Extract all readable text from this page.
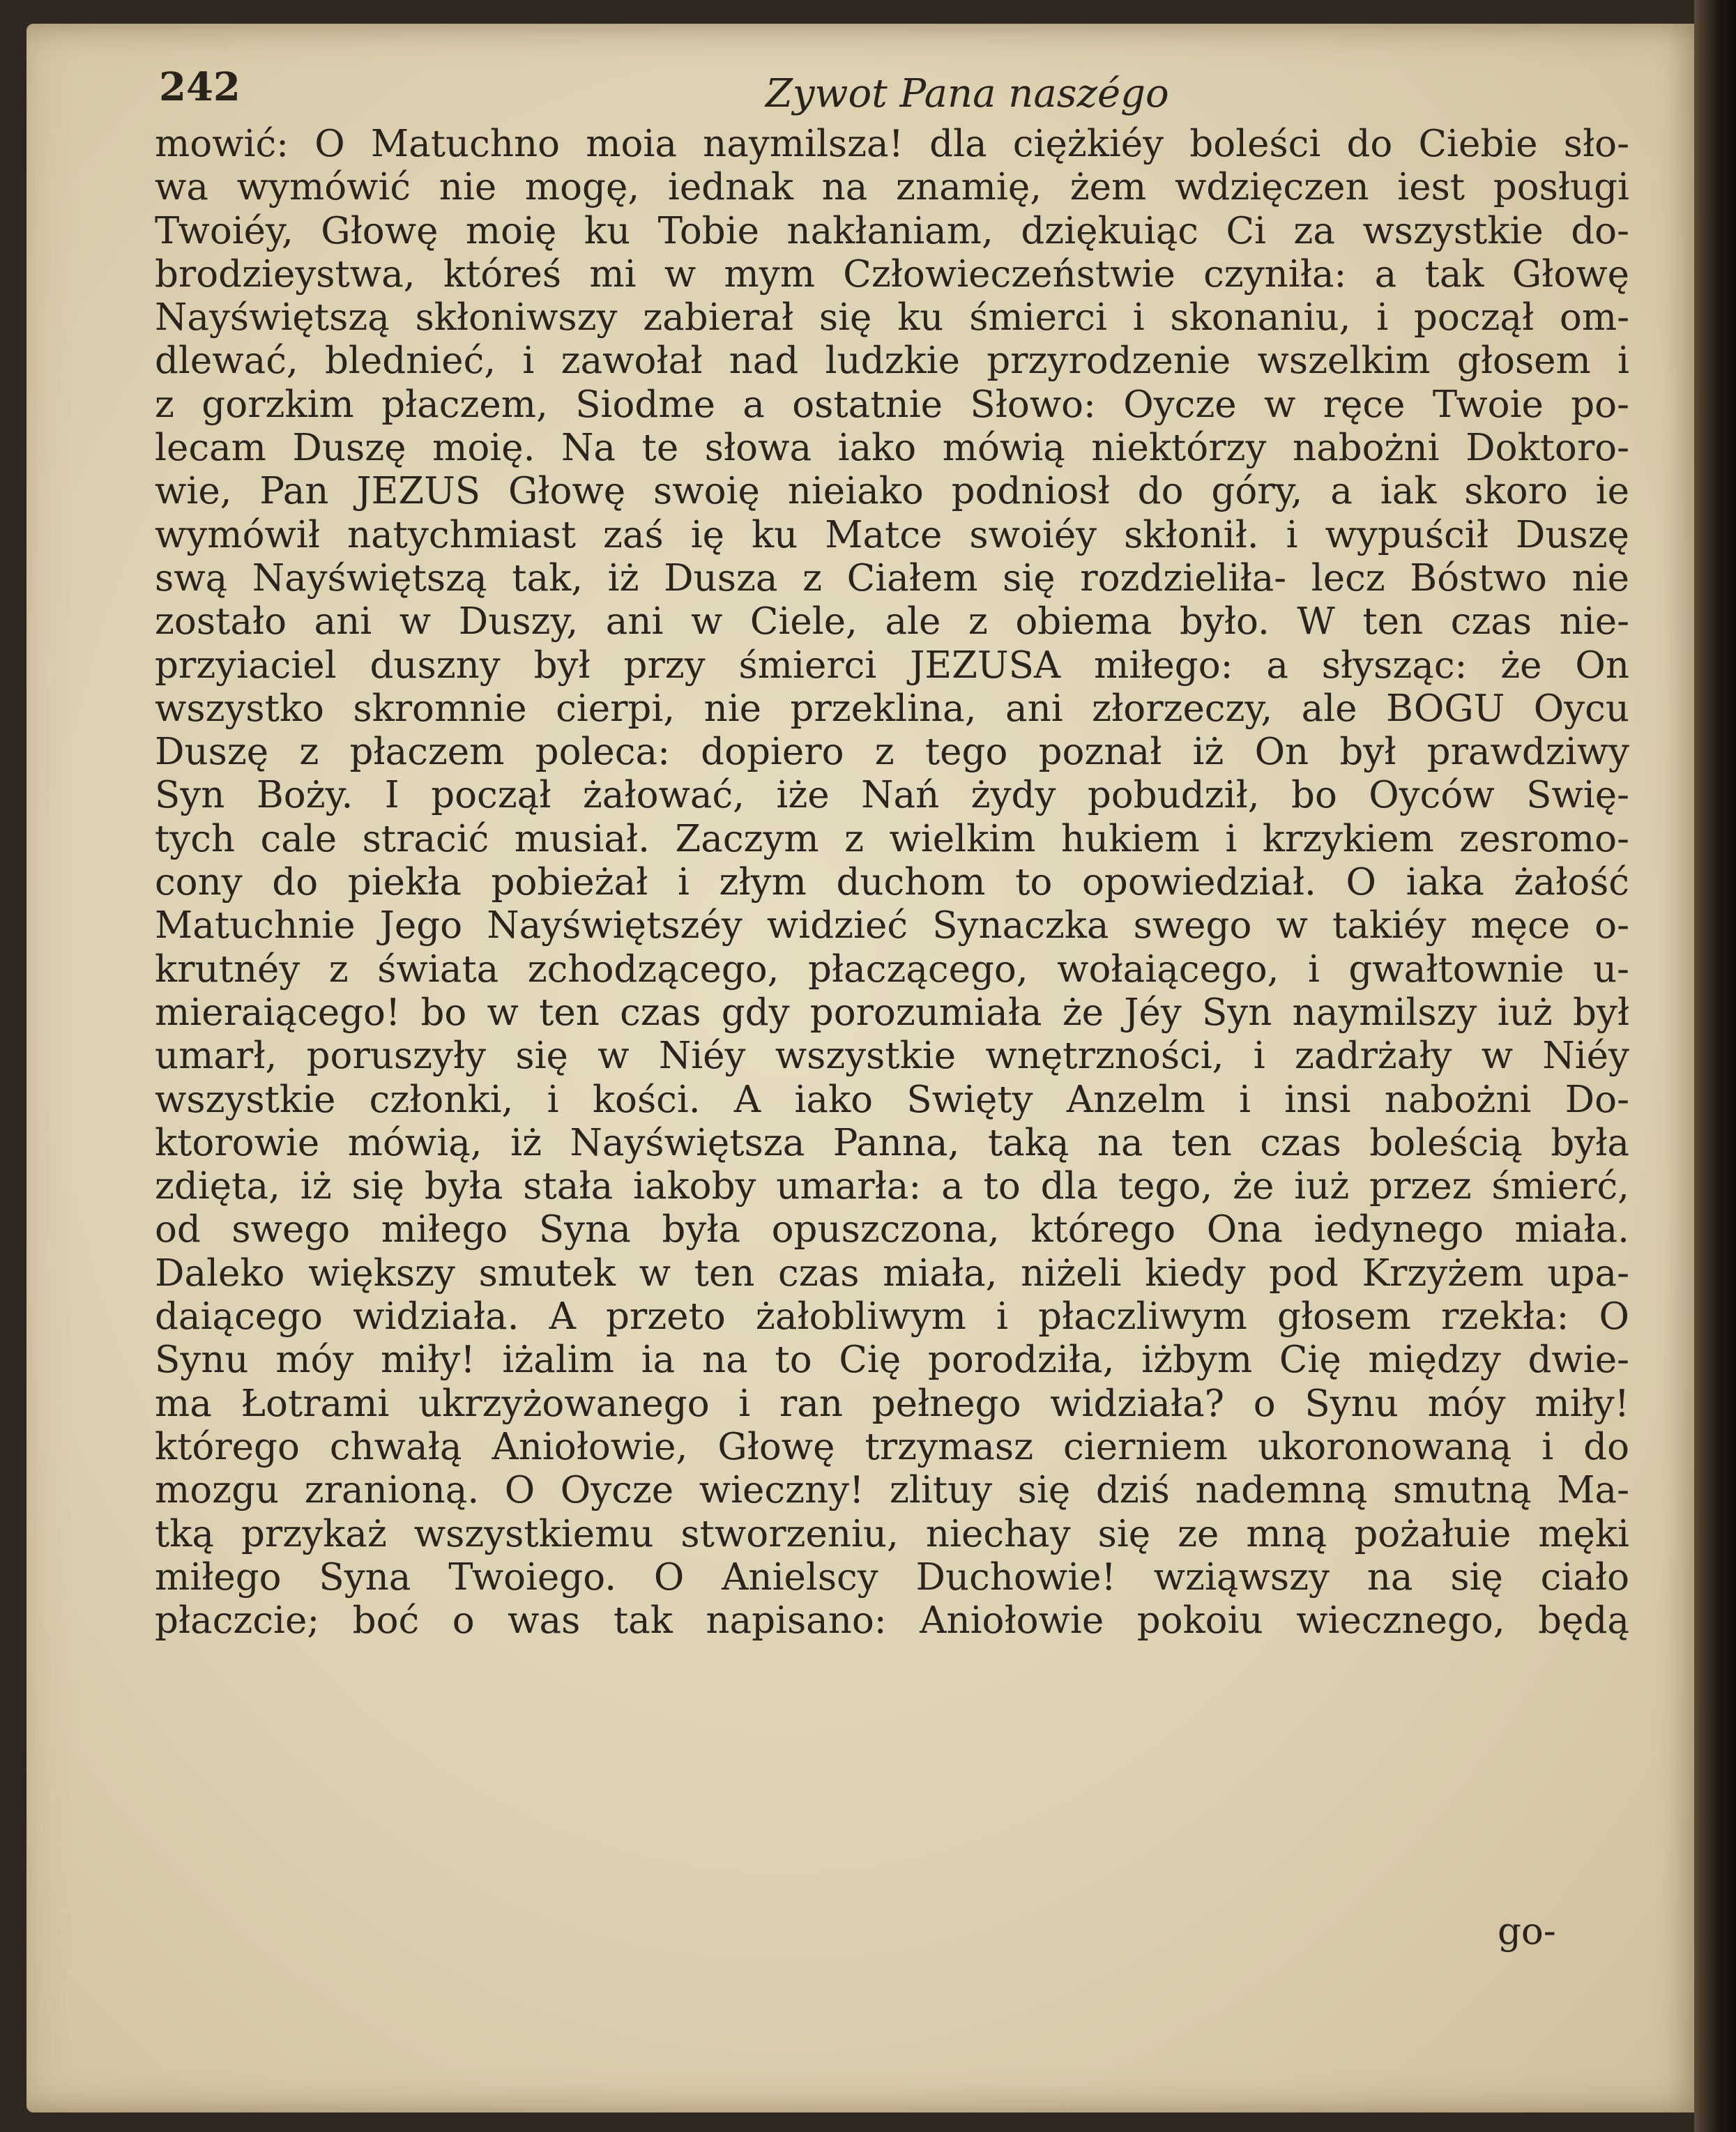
242	Zywot Pana naszégo
mowić: O Matuchno moia naymilsza! dla ciężkiéy boleści do Ciebie sło-
wa wymówić nie mogę, iednak na znamię, żem wdzięczen iest posługi
Twoiéy, Głowę moię ku Tobie nakłaniam, dziękuiąc Ci za wszystkie do-
brodzieystwa, któreś mi w mym Człowieczeństwie czyniła: a tak Głowę
Nayświętszą skłoniwszy zabierał się ku śmierci i skonaniu, i począł om-
dlewać, blednieć, i zawołał nad ludzkie przyrodzenie wszelkim głosem i
z gorzkim płaczem, Siodme a ostatnie Słowo: Oycze w ręce Twoie po-
lecam Duszę moię. Na te słowa iako mówią niektórzy nabożni Doktoro-
wie, Pan JEZUS Głowę swoię nieiako podniosł do góry, a iak skoro ie
wymówił natychmiast zaś ię ku Matce swoiéy skłonił. i wypuścił Duszę
swą Nayświętszą tak, iż Dusza z Ciałem się rozdzieliła- lecz Bóstwo nie
zostało ani w Duszy, ani w Ciele, ale z obiema było. W ten czas nie-
przyiaciel duszny był przy śmierci JEZUSA miłego: a słysząc: że On
wszystko skromnie cierpi, nie przeklina, ani złorzeczy, ale BOGU Oycu
Duszę z płaczem poleca: dopiero z tego poznał iż On był prawdziwy
Syn Boży. I począł żałować, iże Nań żydy pobudził, bo Oyców Swię-
tych cale stracić musiał. Zaczym z wielkim hukiem i krzykiem zesromo-
cony do piekła pobieżał i złym duchom to opowiedział. O iaka żałość
Matuchnie Jego Nayświętszéy widzieć Synaczka swego w takiéy męce o-
krutnéy z świata zchodzącego, płaczącego, wołaiącego, i gwałtownie u-
mieraiącego! bo w ten czas gdy porozumiała że Jéy Syn naymilszy iuż był
umarł, poruszyły się w Niéy wszystkie wnętrzności, i zadrżały w Niéy
wszystkie członki, i kości. A iako Swięty Anzelm i insi nabożni Do-
ktorowie mówią, iż Nayświętsza Panna, taką na ten czas boleścią była
zdięta, iż się była stała iakoby umarła: a to dla tego, że iuż przez śmierć,
od swego miłego Syna była opuszczona, którego Ona iedynego miała.
Daleko większy smutek w ten czas miała, niżeli kiedy pod Krzyżem upa-
daiącego widziała. A przeto żałobliwym i płaczliwym głosem rzekła: O
Synu móy miły! iżalim ia na to Cię porodziła, iżbym Cię między dwie-
ma Łotrami ukrzyżowanego i ran pełnego widziała? o Synu móy miły!
którego chwałą Aniołowie, Głowę trzymasz cierniem ukoronowaną i do
mozgu zranioną. O Oycze wieczny! zlituy się dziś nademną smutną Ma-
tką przykaż wszystkiemu stworzeniu, niechay się ze mną pożałuie męki
miłego Syna Twoiego. O Anielscy Duchowie! wziąwszy na się ciało
płaczcie; boć o was tak napisano: Aniołowie pokoiu wiecznego, będą
go-
